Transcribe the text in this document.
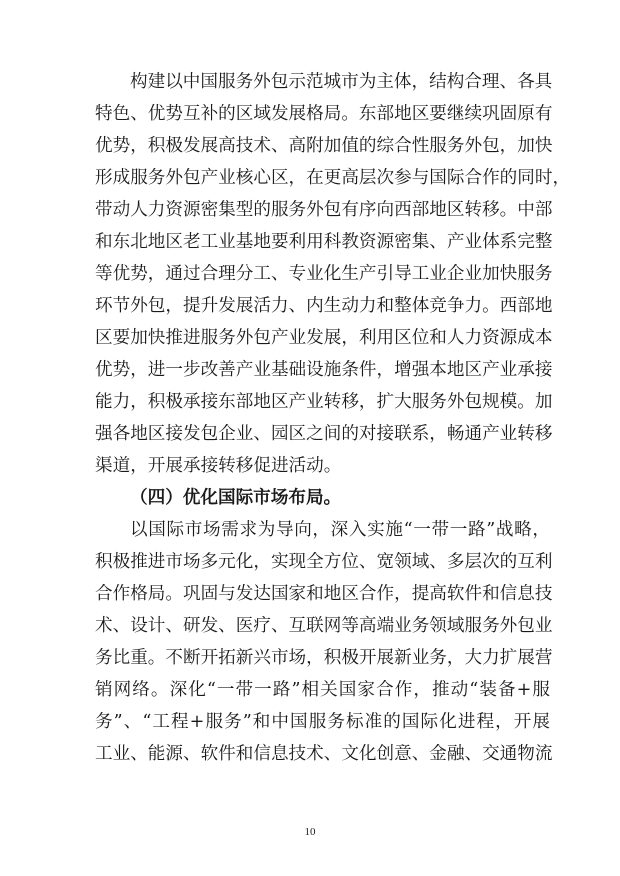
构建以中国服务外包示范城市为主体，结构合理、各具
特色、优势互补的区域发展格局。东部地区要继续巩固原有
优势，积极发展高技术、高附加值的综合性服务外包，加快
形成服务外包产业核心区，在更高层次参与国际合作的同时，
带动人力资源密集型的服务外包有序向西部地区转移。中部
和东北地区老工业基地要利用科教资源密集、产业体系完整
等优势，通过合理分工、专业化生产引导工业企业加快服务
环节外包，提升发展活力、内生动力和整体竞争力。西部地
区要加快推进服务外包产业发展，利用区位和人力资源成本
优势，进一步改善产业基础设施条件，增强本地区产业承接
能力，积极承接东部地区产业转移，扩大服务外包规模。加
强各地区接发包企业、园区之间的对接联系，畅通产业转移
渠道，开展承接转移促进活动。
（四）优化国际市场布局。
以国际市场需求为导向，深入实施“一带一路”战略，
积极推进市场多元化，实现全方位、宽领域、多层次的互利
合作格局。巩固与发达国家和地区合作，提高软件和信息技
术、设计、研发、医疗、互联网等高端业务领域服务外包业
务比重。不断开拓新兴市场，积极开展新业务，大力扩展营
销网络。深化“一带一路”相关国家合作，推动“装备+服
务”、“工程+服务”和中国服务标准的国际化进程，开展
工业、能源、软件和信息技术、文化创意、金融、交通物流
10
